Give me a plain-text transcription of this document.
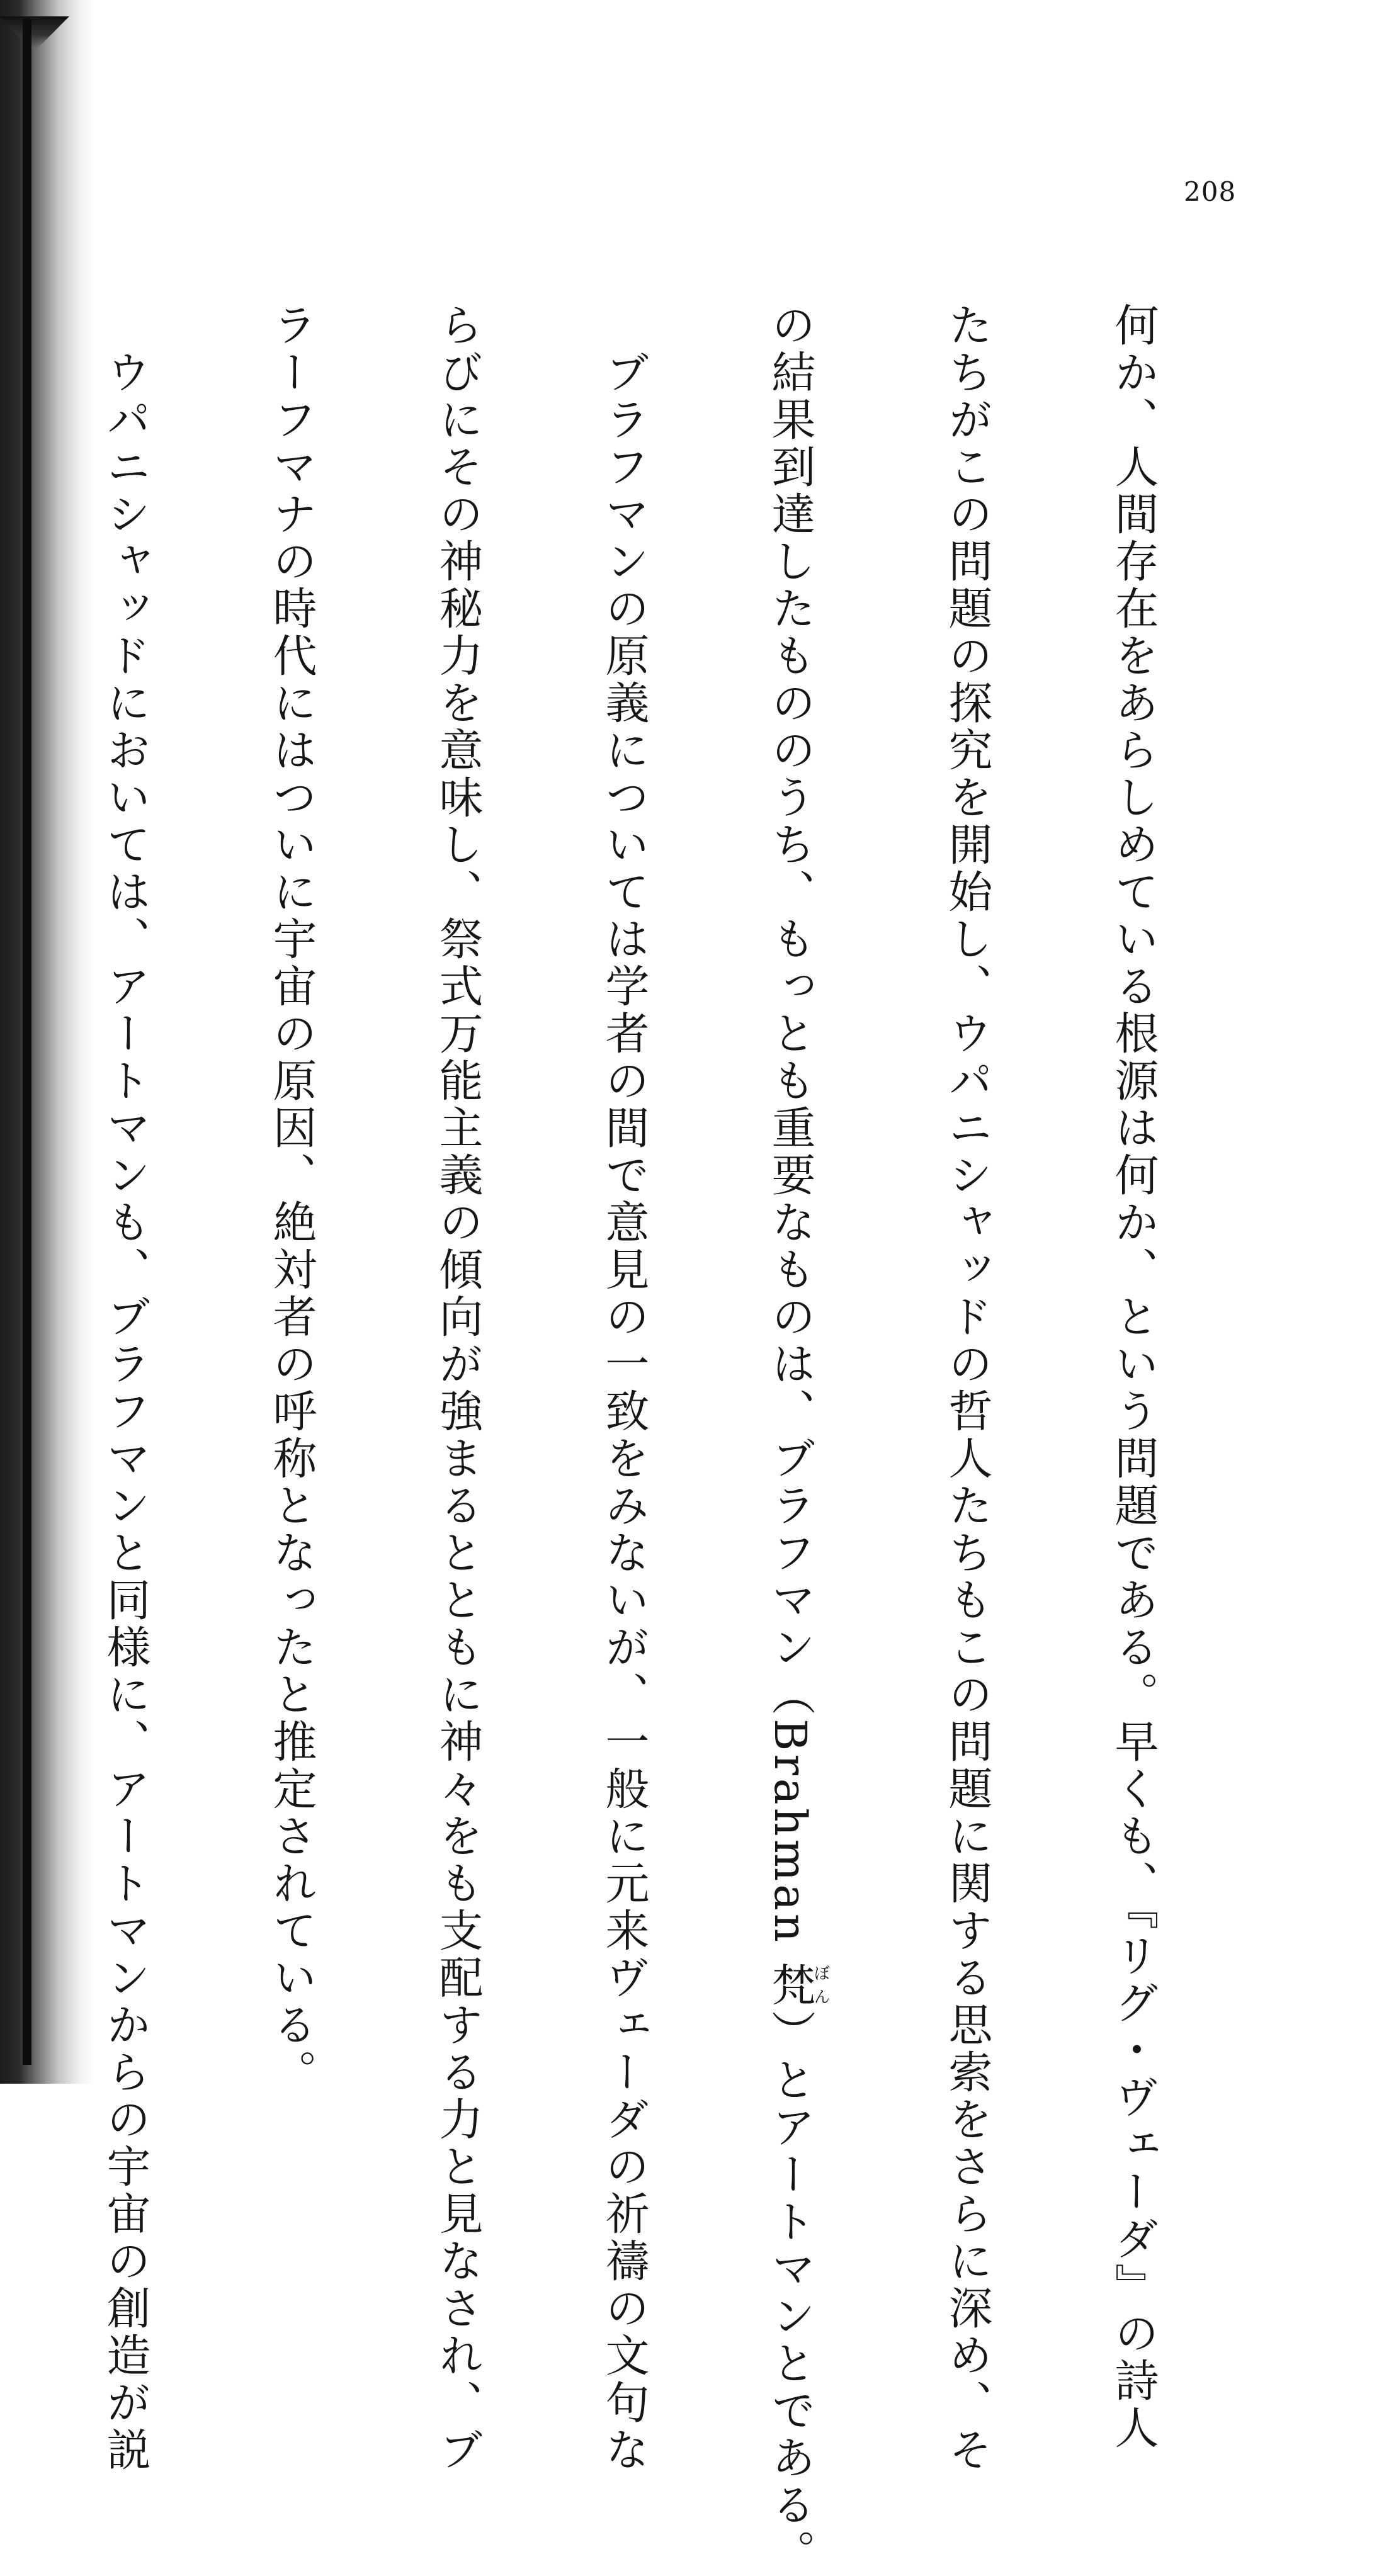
208

何か、人間存在をあらしめている根源は何か、という問題である。早くも、『リグ・ヴェーダ』の詩人

たちがこの問題の探究を開始し、ウパニシャッドの哲人たちもこの問題に関する思索をさらに深め、そ

の結果到達したもののうち、もっとも重要なものは、ブラフマン（Brahman 梵ぼん）とアートマンとである。

　ブラフマンの原義については学者の間で意見の一致をみないが、一般に元来ヴェーダの祈禱の文句な

らびにその神秘力を意味し、祭式万能主義の傾向が強まるとともに神々をも支配する力と見なされ、ブ

ラーフマナの時代にはついに宇宙の原因、絶対者の呼称となったと推定されている。

　ウパニシャッドにおいては、アートマンも、ブラフマンと同様に、アートマンからの宇宙の創造が説
